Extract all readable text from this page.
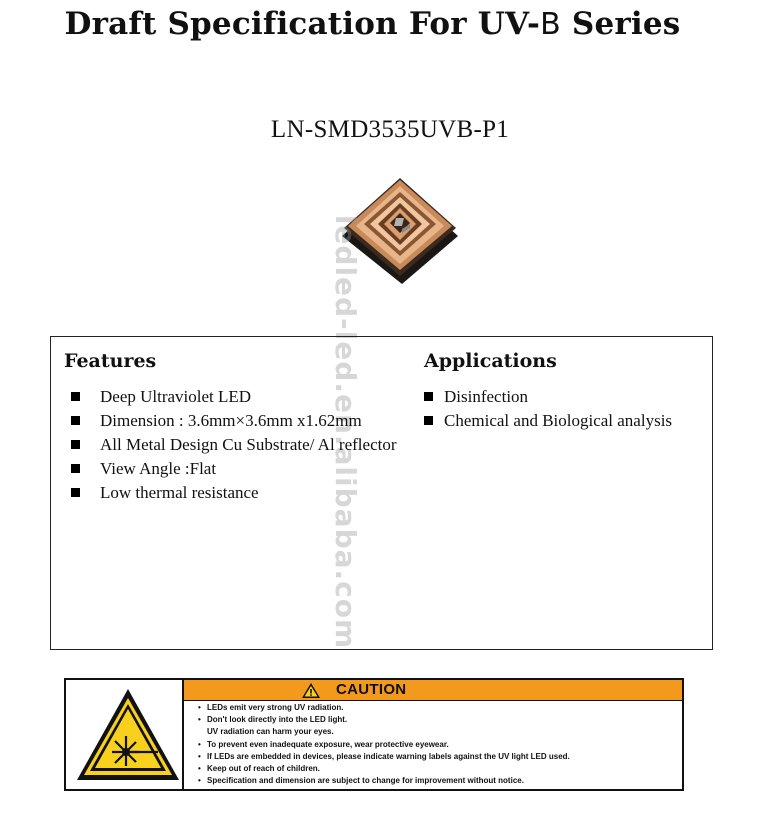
Draft Specification For UV-B Series
LN-SMD3535UVB-P1
ledled-led.en.alibaba.com
Features
Deep Ultraviolet LED
Dimension : 3.6mm×3.6mm x1.62mm
All Metal Design Cu Substrate/ Al reflector
View Angle :Flat
Low thermal resistance
Applications
Disinfection
Chemical and Biological analysis
CAUTION
• LEDs emit very strong UV radiation.
• Don't look directly into the LED light.
UV radiation can harm your eyes.
• To prevent even inadequate exposure, wear protective eyewear.
• If LEDs are embedded in devices, please indicate warning labels against the UV light LED used.
• Keep out of reach of children.
• Specification and dimension are subject to change for improvement without notice.
